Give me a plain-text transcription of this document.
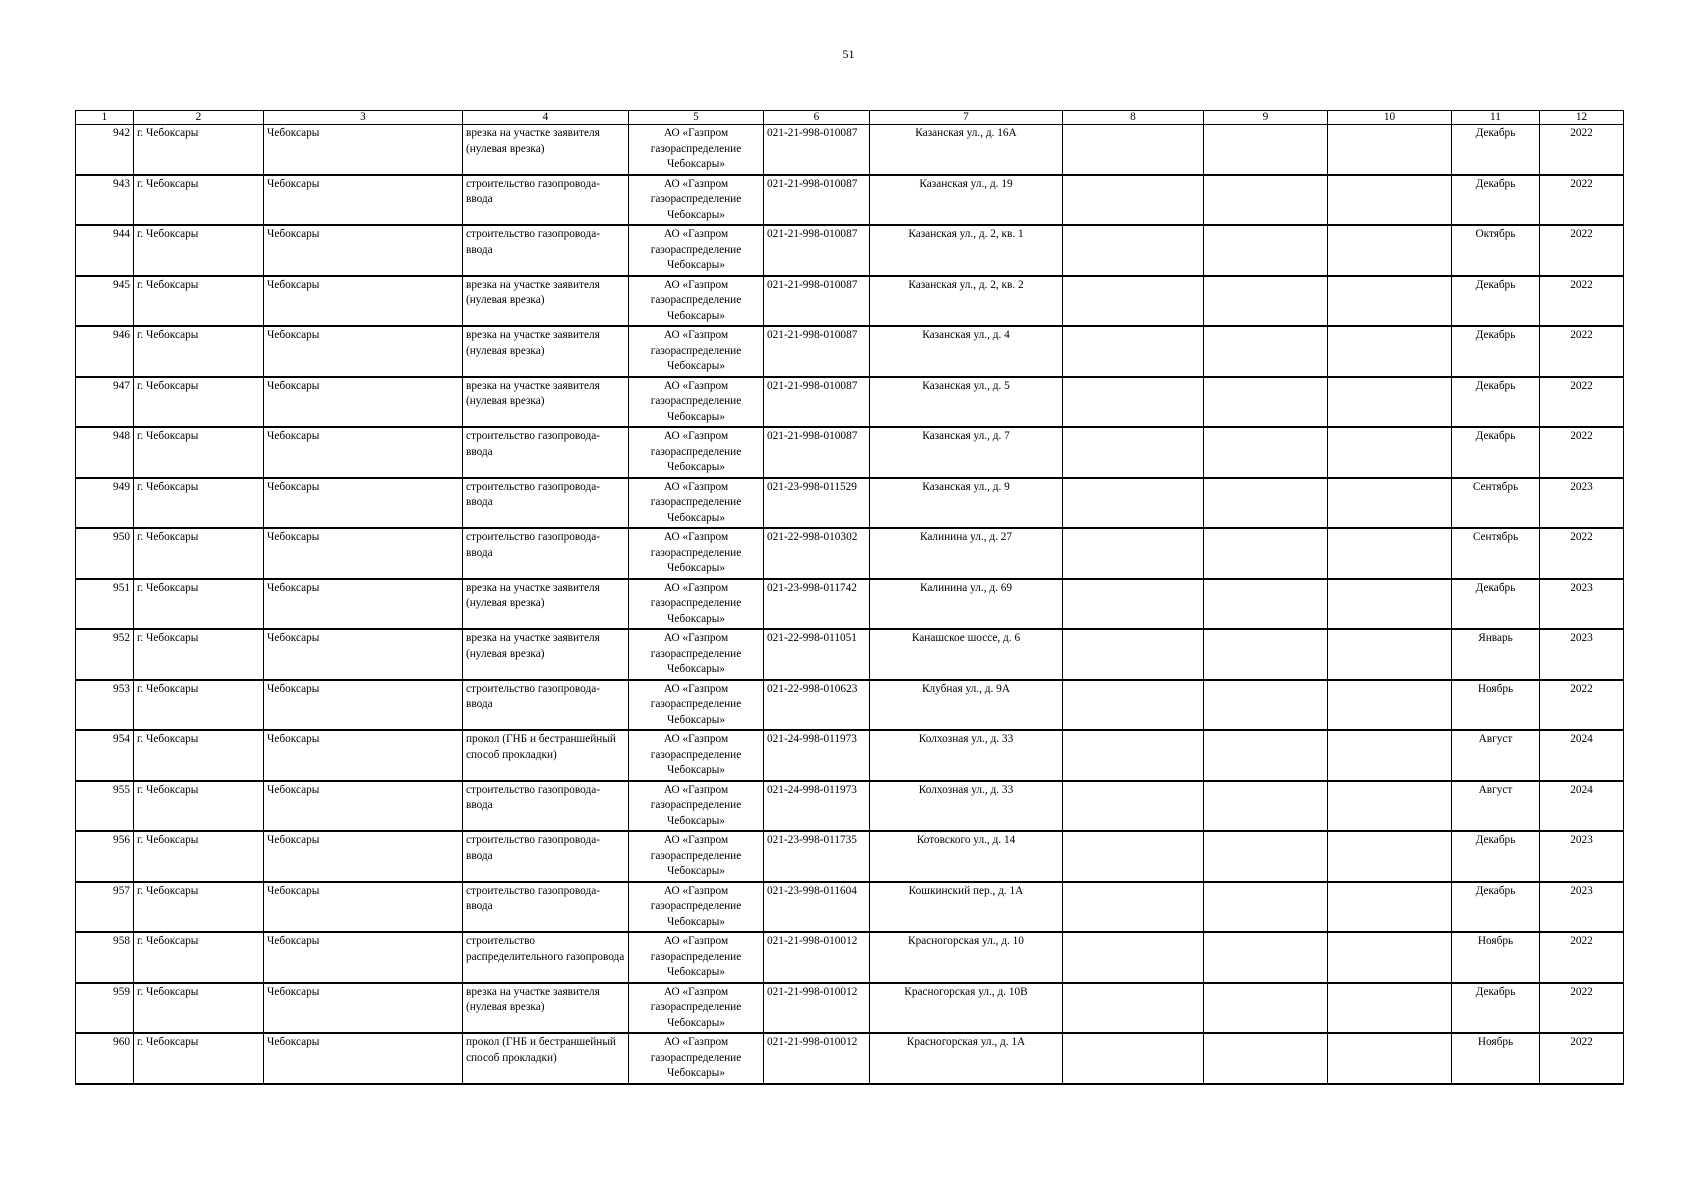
51
1	2	3	4	5	6	7	8	9	10	11	12
942	г. Чебоксары	Чебоксары	врезка на участке заявителя (нулевая врезка)	АО «Газпром газораспределение Чебоксары»	021-21-998-010087	Казанская ул., д. 16А				Декабрь	2022
943	г. Чебоксары	Чебоксары	строительство газопровода-ввода	АО «Газпром газораспределение Чебоксары»	021-21-998-010087	Казанская ул., д. 19				Декабрь	2022
944	г. Чебоксары	Чебоксары	строительство газопровода-ввода	АО «Газпром газораспределение Чебоксары»	021-21-998-010087	Казанская ул., д. 2, кв. 1				Октябрь	2022
945	г. Чебоксары	Чебоксары	врезка на участке заявителя (нулевая врезка)	АО «Газпром газораспределение Чебоксары»	021-21-998-010087	Казанская ул., д. 2, кв. 2				Декабрь	2022
946	г. Чебоксары	Чебоксары	врезка на участке заявителя (нулевая врезка)	АО «Газпром газораспределение Чебоксары»	021-21-998-010087	Казанская ул., д. 4				Декабрь	2022
947	г. Чебоксары	Чебоксары	врезка на участке заявителя (нулевая врезка)	АО «Газпром газораспределение Чебоксары»	021-21-998-010087	Казанская ул., д. 5				Декабрь	2022
948	г. Чебоксары	Чебоксары	строительство газопровода-ввода	АО «Газпром газораспределение Чебоксары»	021-21-998-010087	Казанская ул., д. 7				Декабрь	2022
949	г. Чебоксары	Чебоксары	строительство газопровода-ввода	АО «Газпром газораспределение Чебоксары»	021-23-998-011529	Казанская ул., д. 9				Сентябрь	2023
950	г. Чебоксары	Чебоксары	строительство газопровода-ввода	АО «Газпром газораспределение Чебоксары»	021-22-998-010302	Калинина ул., д. 27				Сентябрь	2022
951	г. Чебоксары	Чебоксары	врезка на участке заявителя (нулевая врезка)	АО «Газпром газораспределение Чебоксары»	021-23-998-011742	Калинина ул., д. 69				Декабрь	2023
952	г. Чебоксары	Чебоксары	врезка на участке заявителя (нулевая врезка)	АО «Газпром газораспределение Чебоксары»	021-22-998-011051	Канашское шоссе, д. 6				Январь	2023
953	г. Чебоксары	Чебоксары	строительство газопровода-ввода	АО «Газпром газораспределение Чебоксары»	021-22-998-010623	Клубная ул., д. 9А				Ноябрь	2022
954	г. Чебоксары	Чебоксары	прокол (ГНБ и бестраншейный способ прокладки)	АО «Газпром газораспределение Чебоксары»	021-24-998-011973	Колхозная ул., д. 33				Август	2024
955	г. Чебоксары	Чебоксары	строительство газопровода-ввода	АО «Газпром газораспределение Чебоксары»	021-24-998-011973	Колхозная ул., д. 33				Август	2024
956	г. Чебоксары	Чебоксары	строительство газопровода-ввода	АО «Газпром газораспределение Чебоксары»	021-23-998-011735	Котовского ул., д. 14				Декабрь	2023
957	г. Чебоксары	Чебоксары	строительство газопровода-ввода	АО «Газпром газораспределение Чебоксары»	021-23-998-011604	Кошкинский пер., д. 1А				Декабрь	2023
958	г. Чебоксары	Чебоксары	строительство распределительного газопровода	АО «Газпром газораспределение Чебоксары»	021-21-998-010012	Красногорская ул., д. 10				Ноябрь	2022
959	г. Чебоксары	Чебоксары	врезка на участке заявителя (нулевая врезка)	АО «Газпром газораспределение Чебоксары»	021-21-998-010012	Красногорская ул., д. 10В				Декабрь	2022
960	г. Чебоксары	Чебоксары	прокол (ГНБ и бестраншейный способ прокладки)	АО «Газпром газораспределение Чебоксары»	021-21-998-010012	Красногорская ул., д. 1А				Ноябрь	2022
